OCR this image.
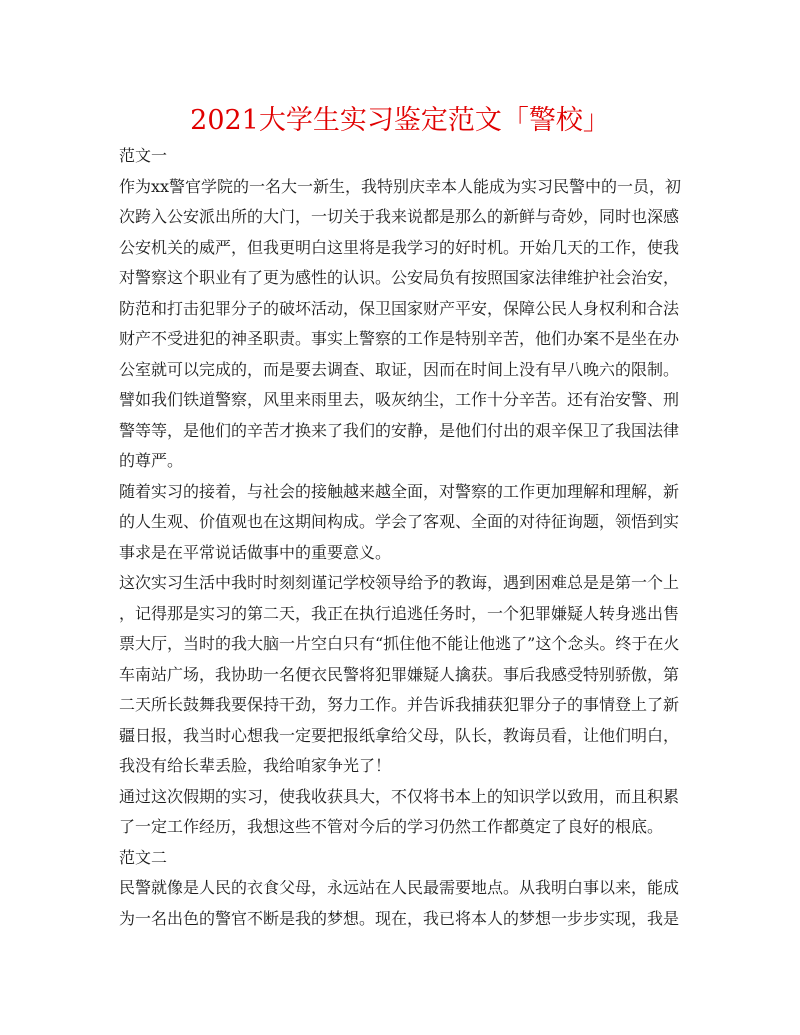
2021大学生实习鉴定范文「警校」
范文一
作为xx警官学院的一名大一新生，我特别庆幸本人能成为实习民警中的一员，初
次跨入公安派出所的大门，一切关于我来说都是那么的新鲜与奇妙，同时也深感
公安机关的威严，但我更明白这里将是我学习的好时机。开始几天的工作，使我
对警察这个职业有了更为感性的认识。公安局负有按照国家法律维护社会治安，
防范和打击犯罪分子的破坏活动，保卫国家财产平安，保障公民人身权利和合法
财产不受进犯的神圣职责。事实上警察的工作是特别辛苦，他们办案不是坐在办
公室就可以完成的，而是要去调查、取证，因而在时间上没有早八晚六的限制。
譬如我们铁道警察，风里来雨里去，吸灰纳尘，工作十分辛苦。还有治安警、刑
警等等，是他们的辛苦才换来了我们的安静，是他们付出的艰辛保卫了我国法律
的尊严。
随着实习的接着，与社会的接触越来越全面，对警察的工作更加理解和理解，新
的人生观、价值观也在这期间构成。学会了客观、全面的对待征询题，领悟到实
事求是在平常说话做事中的重要意义。
这次实习生活中我时时刻刻谨记学校领导给予的教诲，遇到困难总是是第一个上
，记得那是实习的第二天，我正在执行追逃任务时，一个犯罪嫌疑人转身逃出售
票大厅，当时的我大脑一片空白只有“抓住他不能让他逃了”这个念头。终于在火
车南站广场，我协助一名便衣民警将犯罪嫌疑人擒获。事后我感受特别骄傲，第
二天所长鼓舞我要保持干劲，努力工作。并告诉我捕获犯罪分子的事情登上了新
疆日报，我当时心想我一定要把报纸拿给父母，队长，教诲员看，让他们明白，
我没有给长辈丢脸，我给咱家争光了！
通过这次假期的实习，使我收获具大，不仅将书本上的知识学以致用，而且积累
了一定工作经历，我想这些不管对今后的学习仍然工作都奠定了良好的根底。
范文二
民警就像是人民的衣食父母，永远站在人民最需要地点。从我明白事以来，能成
为一名出色的警官不断是我的梦想。现在，我已将本人的梦想一步步实现，我是
